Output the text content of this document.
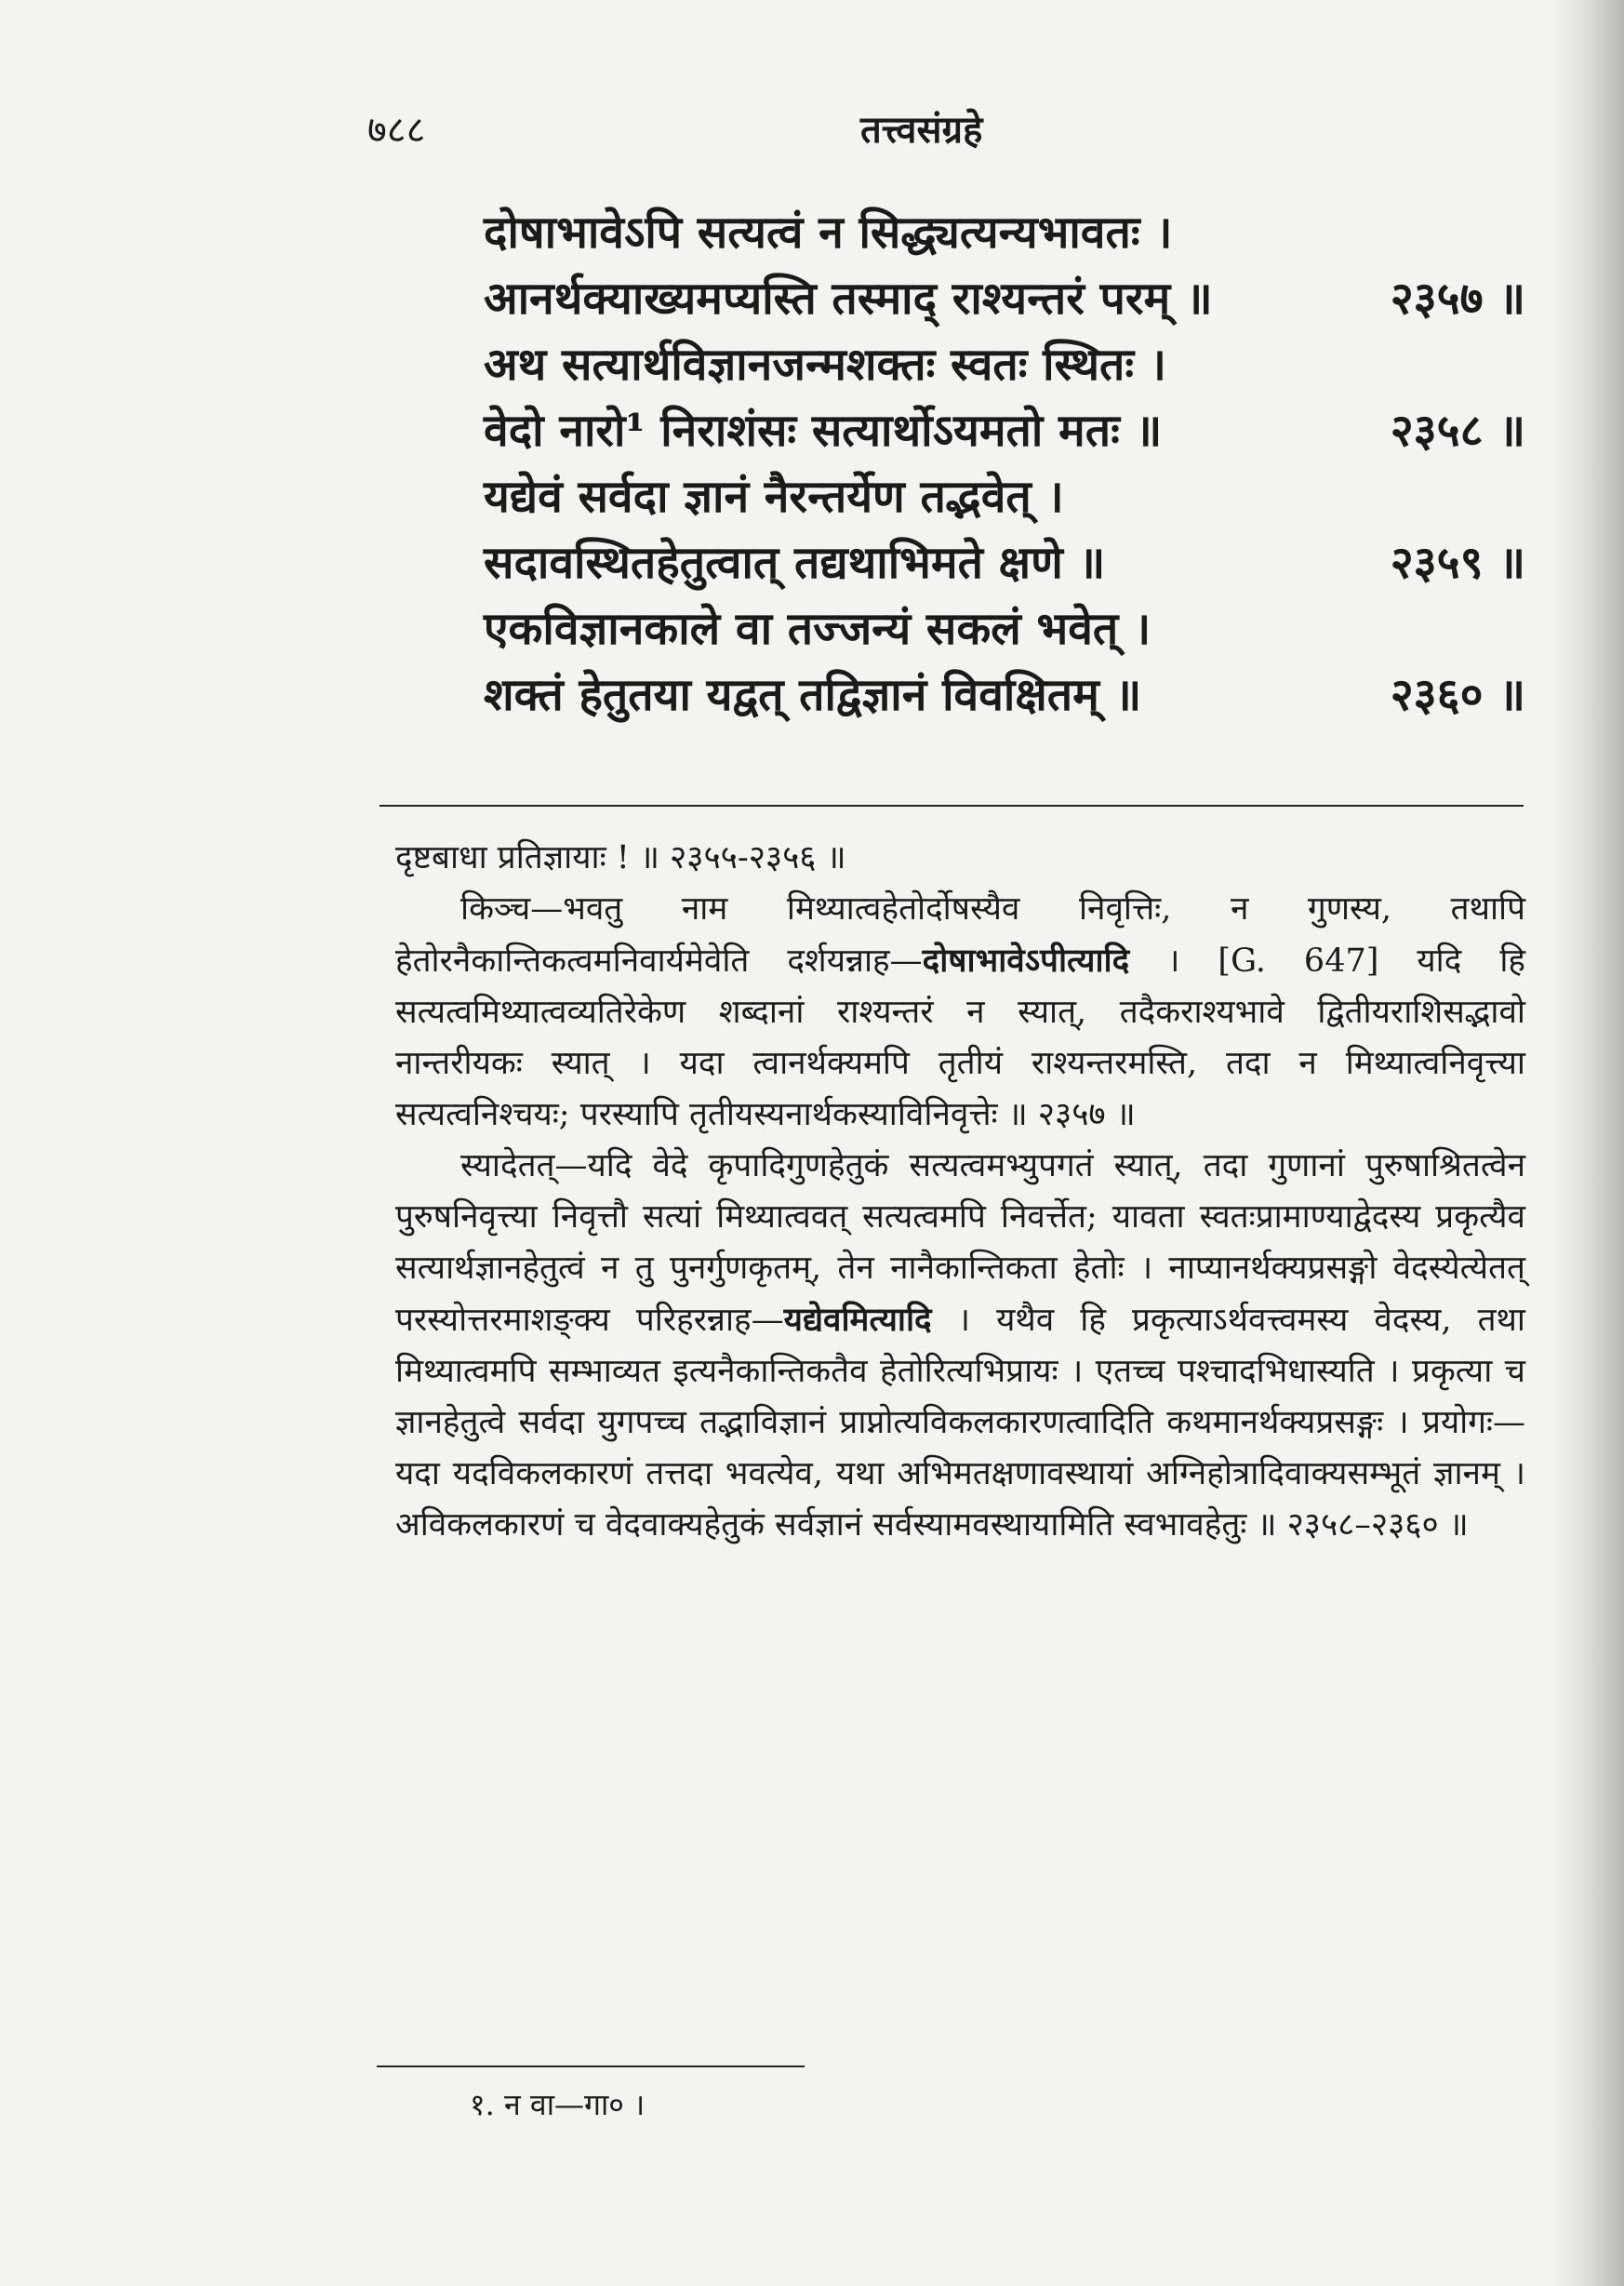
७८८	तत्त्वसंग्रहे
दोषाभावेऽपि सत्यत्वं न सिद्ध्यत्यन्यभावतः ।
आनर्थक्याख्यमप्यस्ति तस्माद् राश्यन्तरं परम् ॥	२३५७ ॥
अथ सत्यार्थविज्ञानजन्मशक्तः स्वतः स्थितः ।
वेदो नारो¹ निराशंसः सत्यार्थोऽयमतो मतः ॥	२३५८ ॥
यद्येवं सर्वदा ज्ञानं नैरन्तर्येण तद्भवेत् ।
सदावस्थितहेतुत्वात् तद्यथाभिमते क्षणे ॥	२३५९ ॥
एकविज्ञानकाले वा तज्जन्यं सकलं भवेत् ।
शक्तं हेतुतया यद्वत् तद्विज्ञानं विवक्षितम् ॥	२३६० ॥

दृष्टबाधा प्रतिज्ञायाः ! ॥ २३५५-२३५६ ॥

किञ्च—भवतु नाम मिथ्यात्वहेतोर्दोषस्यैव निवृत्तिः, न गुणस्य, तथापि हेतोरनैकान्तिकत्वमनिवार्यमेवेति दर्शयन्नाह—दोषाभावेऽपीत्यादि । [G. 647] यदि हि सत्यत्वमिथ्यात्वव्यतिरेकेण शब्दानां राश्यन्तरं न स्यात्, तदैकराश्यभावे द्वितीयराशिसद्भावो नान्तरीयकः स्यात् । यदा त्वानर्थक्यमपि तृतीयं राश्यन्तरमस्ति, तदा न मिथ्यात्वनिवृत्त्या सत्यत्वनिश्चयः; परस्यापि तृतीयस्यनार्थकस्याविनिवृत्तेः ॥ २३५७ ॥

स्यादेतत्—यदि वेदे कृपादिगुणहेतुकं सत्यत्वमभ्युपगतं स्यात्, तदा गुणानां पुरुषाश्रितत्वेन पुरुषनिवृत्त्या निवृत्तौ सत्यां मिथ्यात्ववत् सत्यत्वमपि निवर्त्तेत; यावता स्वतःप्रामाण्याद्वेदस्य प्रकृत्यैव सत्यार्थज्ञानहेतुत्वं न तु पुनर्गुणकृतम्, तेन नानैकान्तिकता हेतोः । नाप्यानर्थक्यप्रसङ्गो वेदस्येत्येतत् परस्योत्तरमाशङ्क्य परिहरन्नाह—यद्येवमित्यादि । यथैव हि प्रकृत्याऽर्थवत्त्वमस्य वेदस्य, तथा मिथ्यात्वमपि सम्भाव्यत इत्यनैकान्तिकतैव हेतोरित्यभिप्रायः । एतच्च पश्चादभिधास्यति । प्रकृत्या च ज्ञानहेतुत्वे सर्वदा युगपच्च तद्भाविज्ञानं प्राप्नोत्यविकलकारणत्वादिति कथमानर्थक्यप्रसङ्गः । प्रयोगः—यदा यदविकलकारणं तत्तदा भवत्येव, यथा अभिमतक्षणावस्थायां अग्निहोत्रादिवाक्यसम्भूतं ज्ञानम् । अविकलकारणं च वेदवाक्यहेतुकं सर्वज्ञानं सर्वस्यामवस्थायामिति स्वभावहेतुः ॥ २३५८–२३६० ॥

१. न वा—गा० ।
